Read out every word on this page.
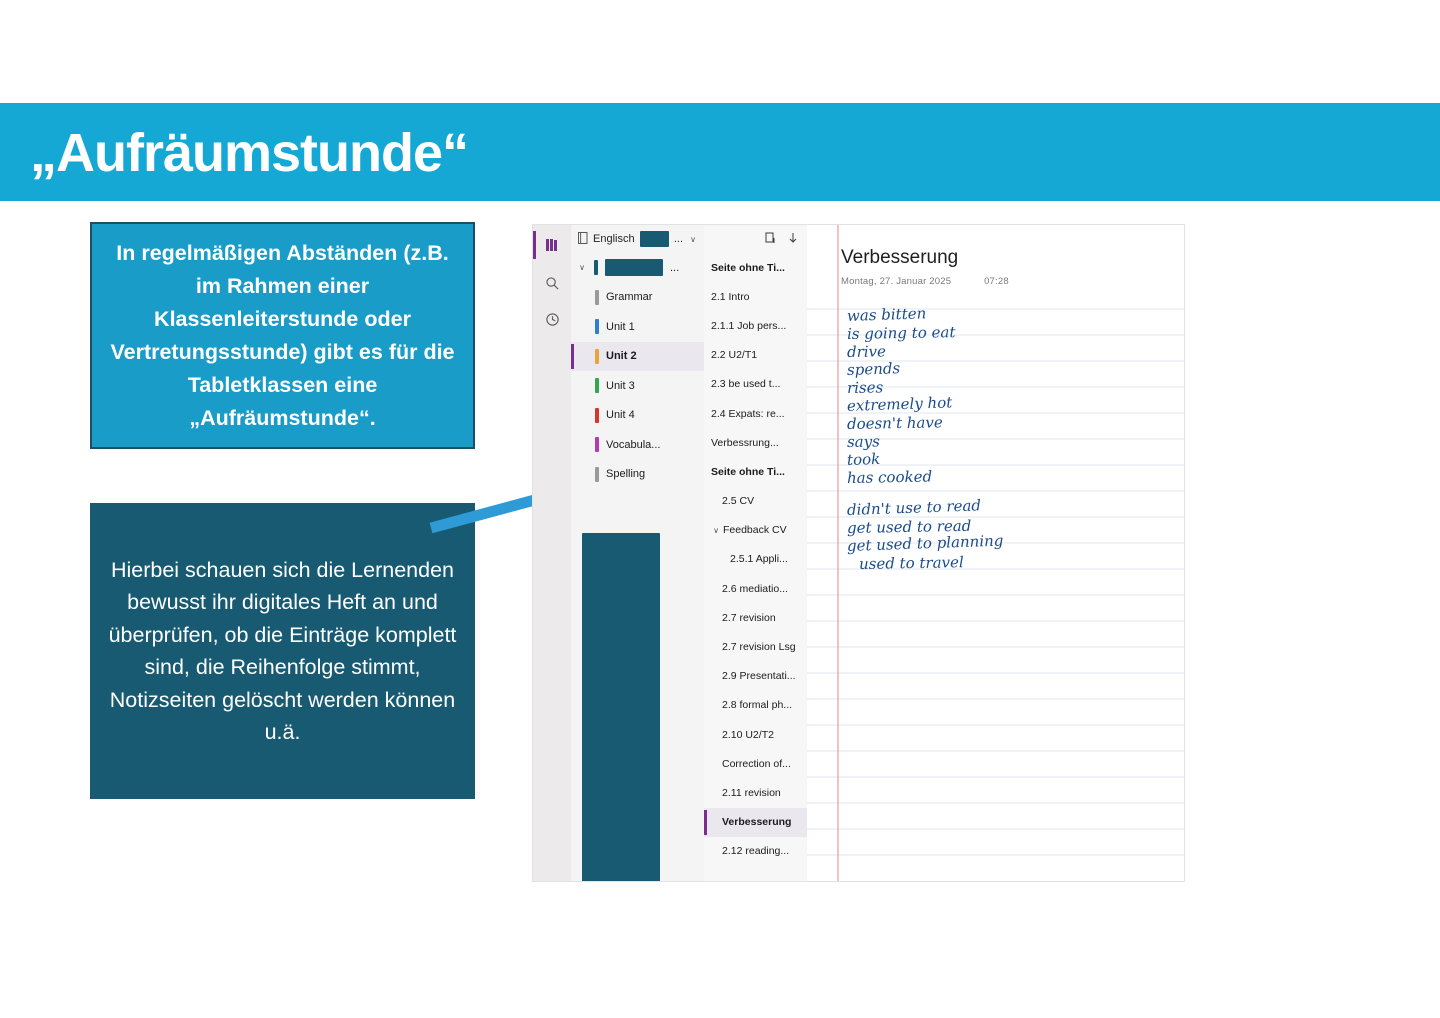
„Aufräumstunde“
In regelmäßigen Abständen (z.B. im Rahmen einer Klassenleiterstunde oder Vertretungsstunde) gibt es für die Tabletklassen eine „Aufräumstunde“.
Hierbei schauen sich die Lernenden bewusst ihr digitales Heft an und überprüfen, ob die Einträge komplett sind, die Reihenfolge stimmt, Notizseiten gelöscht werden können u.ä.
Englisch	... ∨
∨	...
Grammar
Unit 1
Unit 2
Unit 3
Unit 4
Vocabula...
Spelling
Seite ohne Ti...
2.1 Intro
2.1.1 Job pers...
2.2 U2/T1
2.3 be used t...
2.4 Expats: re...
Verbessrung...
Seite ohne Ti...
2.5 CV
∨ Feedback CV
2.5.1 Appli...
2.6 mediatio...
2.7 revision
2.7 revision Lsg
2.9 Presentati...
2.8 formal ph...
2.10 U2/T2
Correction of...
2.11 revision
Verbesserung
2.12 reading...
Verbesserung
Montag, 27. Januar 2025	07:28
was bitten
is going to eat
drive
spends
rises
extremely hot
doesn't have
says
took
has cooked
didn't use to read
get used to read
get used to planning
used to travel
